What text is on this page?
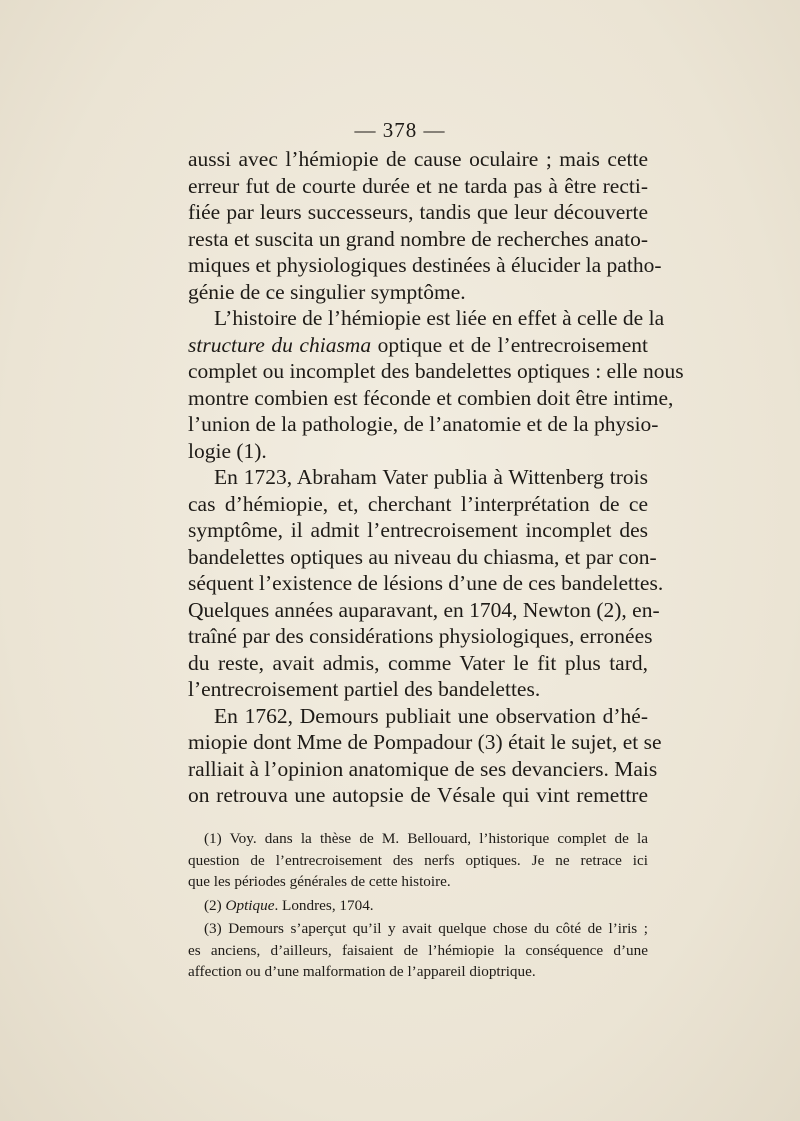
— 378 —
aussi avec l’hémiopie de cause oculaire ; mais cette
erreur fut de courte durée et ne tarda pas à être recti-
fiée par leurs successeurs, tandis que leur découverte
resta et suscita un grand nombre de recherches anato-
miques et physiologiques destinées à élucider la patho-
génie de ce singulier symptôme.
L’histoire de l’hémiopie est liée en effet à celle de la
structure du chiasma optique et de l’entrecroisement
complet ou incomplet des bandelettes optiques : elle nous
montre combien est féconde et combien doit être intime,
l’union de la pathologie, de l’anatomie et de la physio-
logie (1).
En 1723, Abraham Vater publia à Wittenberg trois
cas d’hémiopie, et, cherchant l’interprétation de ce
symptôme, il admit l’entrecroisement incomplet des
bandelettes optiques au niveau du chiasma, et par con-
séquent l’existence de lésions d’une de ces bandelettes.
Quelques années auparavant, en 1704, Newton (2), en-
traîné par des considérations physiologiques, erronées
du reste, avait admis, comme Vater le fit plus tard,
l’entrecroisement partiel des bandelettes.
En 1762, Demours publiait une observation d’hé-
miopie dont Mme de Pompadour (3) était le sujet, et se
ralliait à l’opinion anatomique de ses devanciers. Mais
on retrouva une autopsie de Vésale qui vint remettre
(1) Voy. dans la thèse de M. Bellouard, l’historique complet de la
question de l’entrecroisement des nerfs optiques. Je ne retrace ici
que les périodes générales de cette histoire.
(2) Optique. Londres, 1704.
(3) Demours s’aperçut qu’il y avait quelque chose du côté de l’iris ;
es anciens, d’ailleurs, faisaient de l’hémiopie la conséquence d’une
affection ou d’une malformation de l’appareil dioptrique.
